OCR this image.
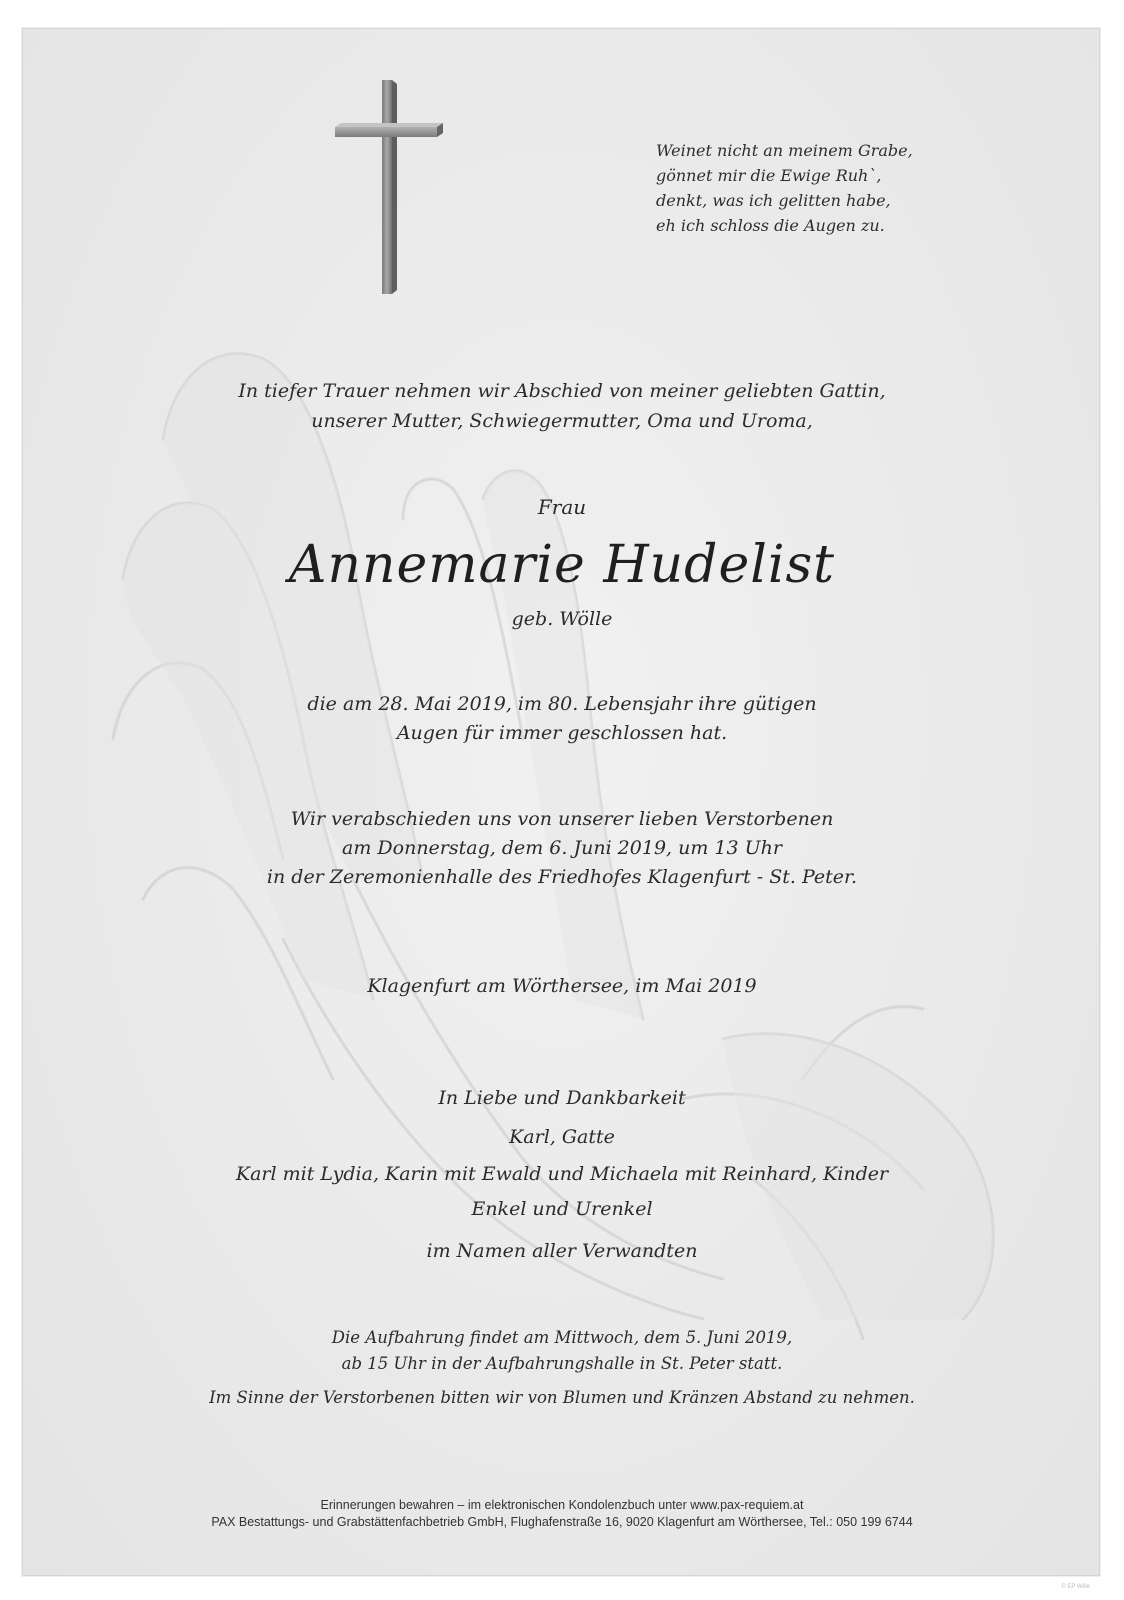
Weinet nicht an meinem Grabe,
gönnet mir die Ewige Ruh`,
denkt, was ich gelitten habe,
eh ich schloss die Augen zu.
In tiefer Trauer nehmen wir Abschied von meiner geliebten Gattin,
unserer Mutter, Schwiegermutter, Oma und Uroma,
Frau
Annemarie Hudelist
geb. Wölle
die am 28. Mai 2019, im 80. Lebensjahr ihre gütigen
Augen für immer geschlossen hat.
Wir verabschieden uns von unserer lieben Verstorbenen
am Donnerstag, dem 6. Juni 2019, um 13 Uhr
in der Zeremonienhalle des Friedhofes Klagenfurt - St. Peter.
Klagenfurt am Wörthersee, im Mai 2019
In Liebe und Dankbarkeit
Karl, Gatte
Karl mit Lydia, Karin mit Ewald und Michaela mit Reinhard, Kinder
Enkel und Urenkel
im Namen aller Verwandten
Die Aufbahrung findet am Mittwoch, dem 5. Juni 2019,
ab 15 Uhr in der Aufbahrungshalle in St. Peter statt.
Im Sinne der Verstorbenen bitten wir von Blumen und Kränzen Abstand zu nehmen.
Erinnerungen bewahren – im elektronischen Kondolenzbuch unter www.pax-requiem.at
PAX Bestattungs- und Grabstättenfachbetrieb GmbH, Flughafenstraße 16, 9020 Klagenfurt am Wörthersee, Tel.: 050 199 6744
© EP Wille
